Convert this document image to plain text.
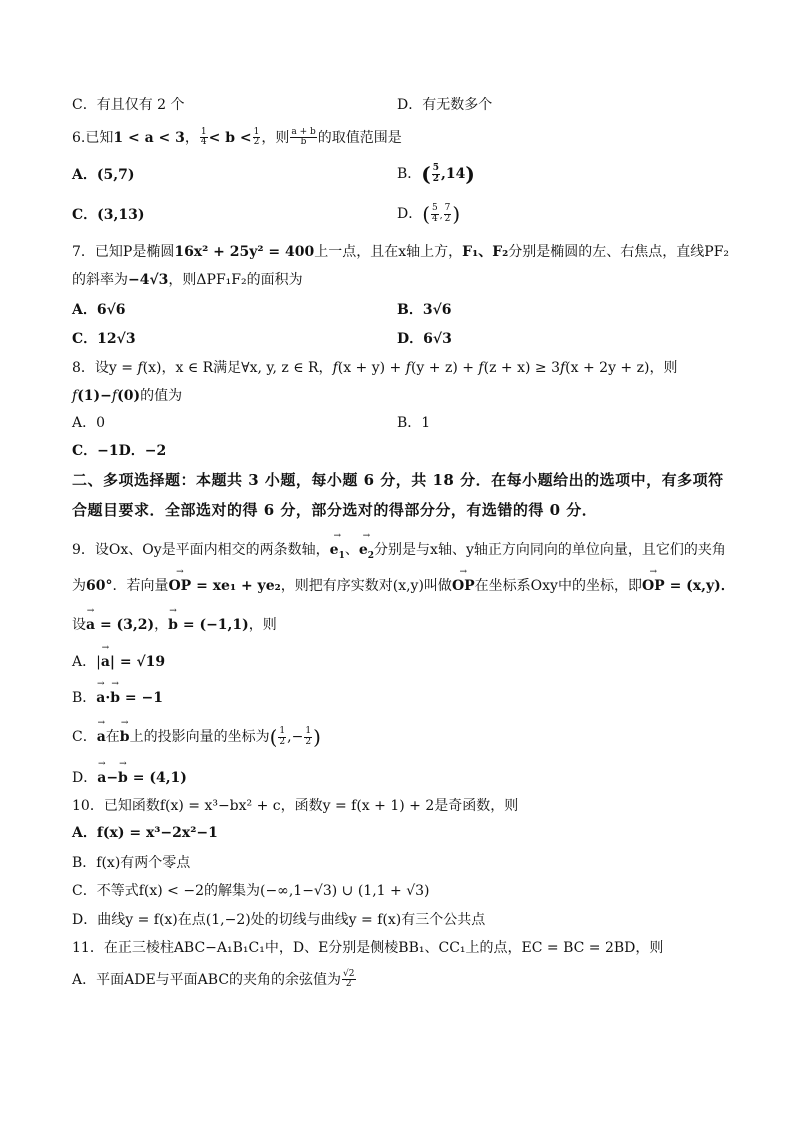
C．有且仅有 2 个	D．有无数多个
6.已知1 < a < 3， $\frac{1}{4} < b < \frac{1}{2}$ ，则 $\frac{a + b}{b}$ 的取值范围是
A．(5,7)	B．( $\frac{5}{2} ,14$)
C．(3,13)	D．( $\frac{5}{4}$ , $\frac{7}{2}$ )
7．已知P是椭圆16x² + 25y² = 400上一点，且在x轴上方，F₁、F₂分别是椭圆的左、右焦点，直线PF₂
的斜率为−4√3，则ΔPF₁F₂的面积为
A．6√6	B．3√6
C．12√3	D．6√3
8．设y = f(x)，x ∈ R满足∀x, y, z ∈ R，f(x + y) + f(y + z) + f(z + x) ≥ 3f(x + 2y + z)，则
f(1)−f(0)的值为
A．0	B．1
C．−1D．−2
二、多项选择题：本题共 3 小题，每小题 6 分，共 18 分．在每小题给出的选项中，有多项符
合题目要求．全部选对的得 6 分，部分选对的得部分分，有选错的得 0 分．
9．设Ox、Oy是平面内相交的两条数轴，→ $e_1$、→ $e_2$分别是与x轴、y轴正方向同向的单位向量，且它们的夹角
为60°．若向量→ OP = xe₁ + ye₂，则把有序实数对(x,y)叫做→ OP在坐标系Oxy中的坐标，即→ OP = (x,y)．
设→ a = (3,2)，→ b = (−1,1)，则
A．|→ a| = √19
B．→ a·→ b = −1
C．→ a在→ b上的投影向量的坐标为( $\frac{1}{2}$ ,− $\frac{1}{2}$ )
D．→ a−→ b = (4,1)
10．已知函数f(x) = x³−bx² + c，函数y = f(x + 1) + 2是奇函数，则
A．f(x) = x³−2x²−1
B．f(x)有两个零点
C．不等式f(x) < −2的解集为(−∞,1−√3) ∪ (1,1 + √3)
D．曲线y = f(x)在点(1,−2)处的切线与曲线y = f(x)有三个公共点
11．在正三棱柱ABC−A₁B₁C₁中，D、E分别是侧棱BB₁、CC₁上的点，EC = BC = 2BD，则
A．平面ADE与平面ABC的夹角的余弦值为 $\frac{√2}{2}$
